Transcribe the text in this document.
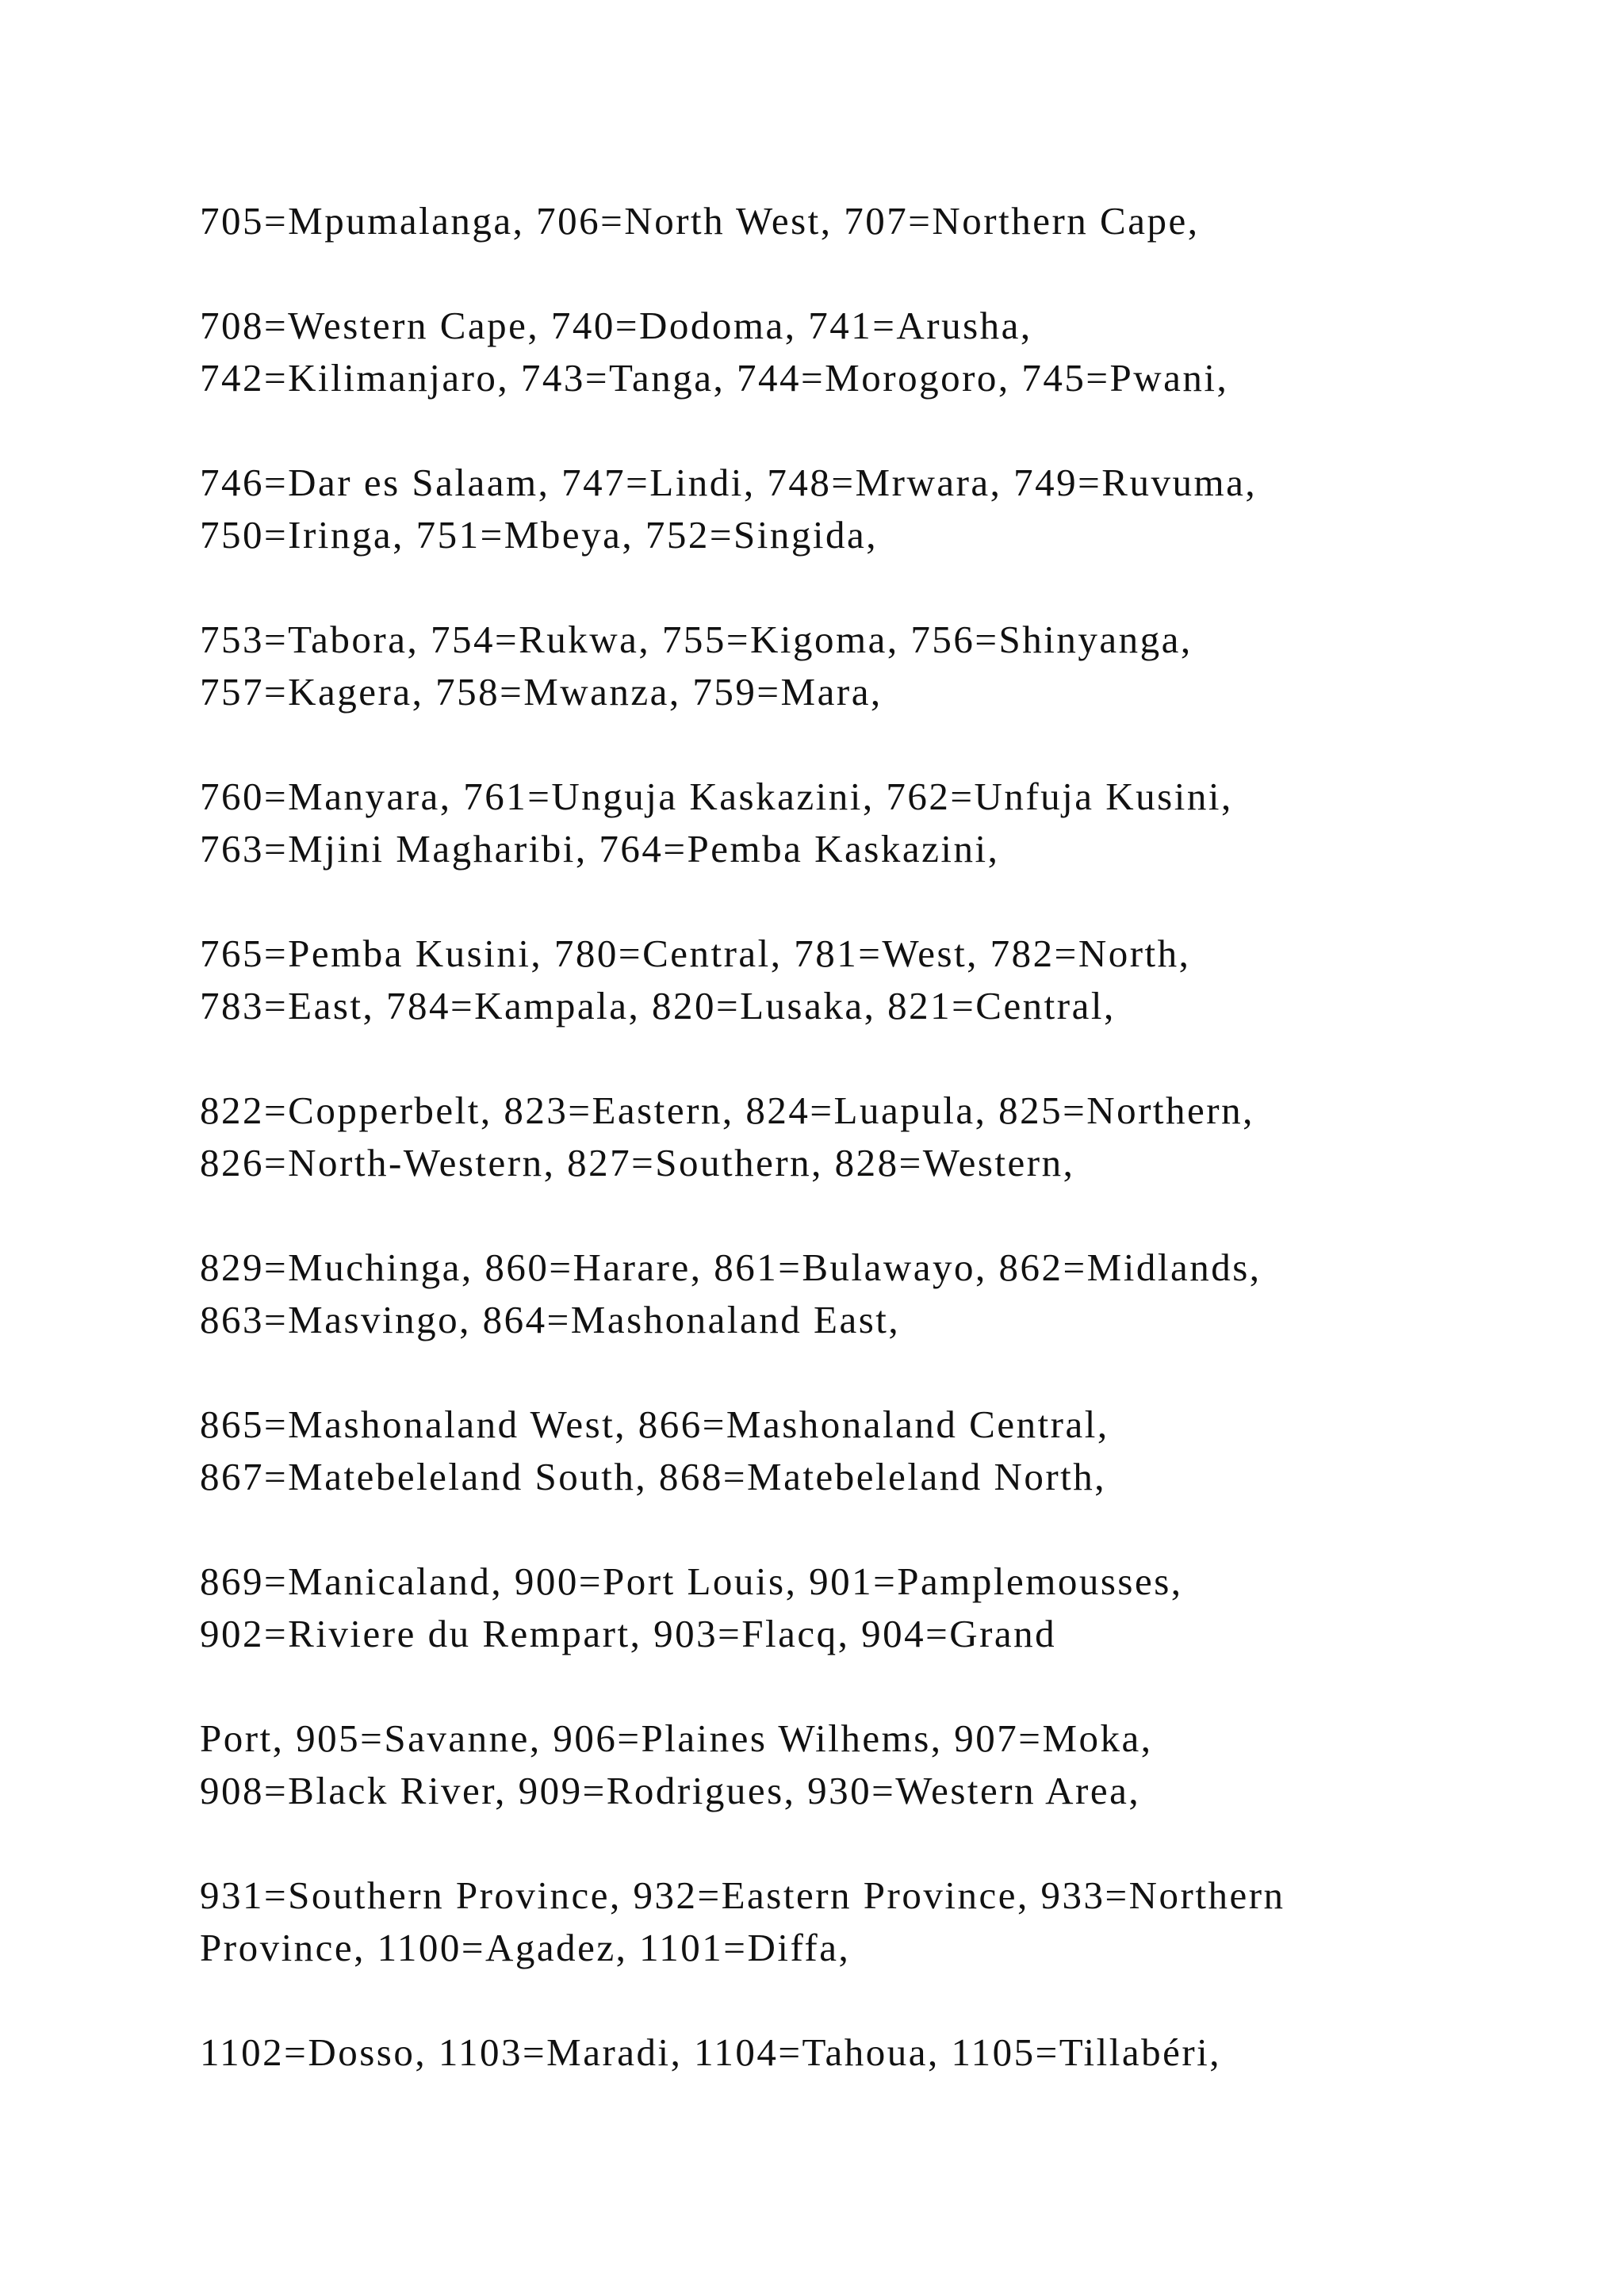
705=Mpumalanga, 706=North West, 707=Northern Cape,

708=Western Cape, 740=Dodoma, 741=Arusha,
742=Kilimanjaro, 743=Tanga, 744=Morogoro, 745=Pwani,

746=Dar es Salaam, 747=Lindi, 748=Mrwara, 749=Ruvuma,
750=Iringa, 751=Mbeya, 752=Singida,

753=Tabora, 754=Rukwa, 755=Kigoma, 756=Shinyanga,
757=Kagera, 758=Mwanza, 759=Mara,

760=Manyara, 761=Unguja Kaskazini, 762=Unfuja Kusini,
763=Mjini Magharibi, 764=Pemba Kaskazini,

765=Pemba Kusini, 780=Central, 781=West, 782=North,
783=East, 784=Kampala, 820=Lusaka, 821=Central,

822=Copperbelt, 823=Eastern, 824=Luapula, 825=Northern,
826=North-Western, 827=Southern, 828=Western,

829=Muchinga, 860=Harare, 861=Bulawayo, 862=Midlands,
863=Masvingo, 864=Mashonaland East,

865=Mashonaland West, 866=Mashonaland Central,
867=Matebeleland South, 868=Matebeleland North,

869=Manicaland, 900=Port Louis, 901=Pamplemousses,
902=Riviere du Rempart, 903=Flacq, 904=Grand

Port, 905=Savanne, 906=Plaines Wilhems, 907=Moka,
908=Black River, 909=Rodrigues, 930=Western Area,

931=Southern Province, 932=Eastern Province, 933=Northern
Province, 1100=Agadez, 1101=Diffa,

1102=Dosso, 1103=Maradi, 1104=Tahoua, 1105=Tillabéri,
